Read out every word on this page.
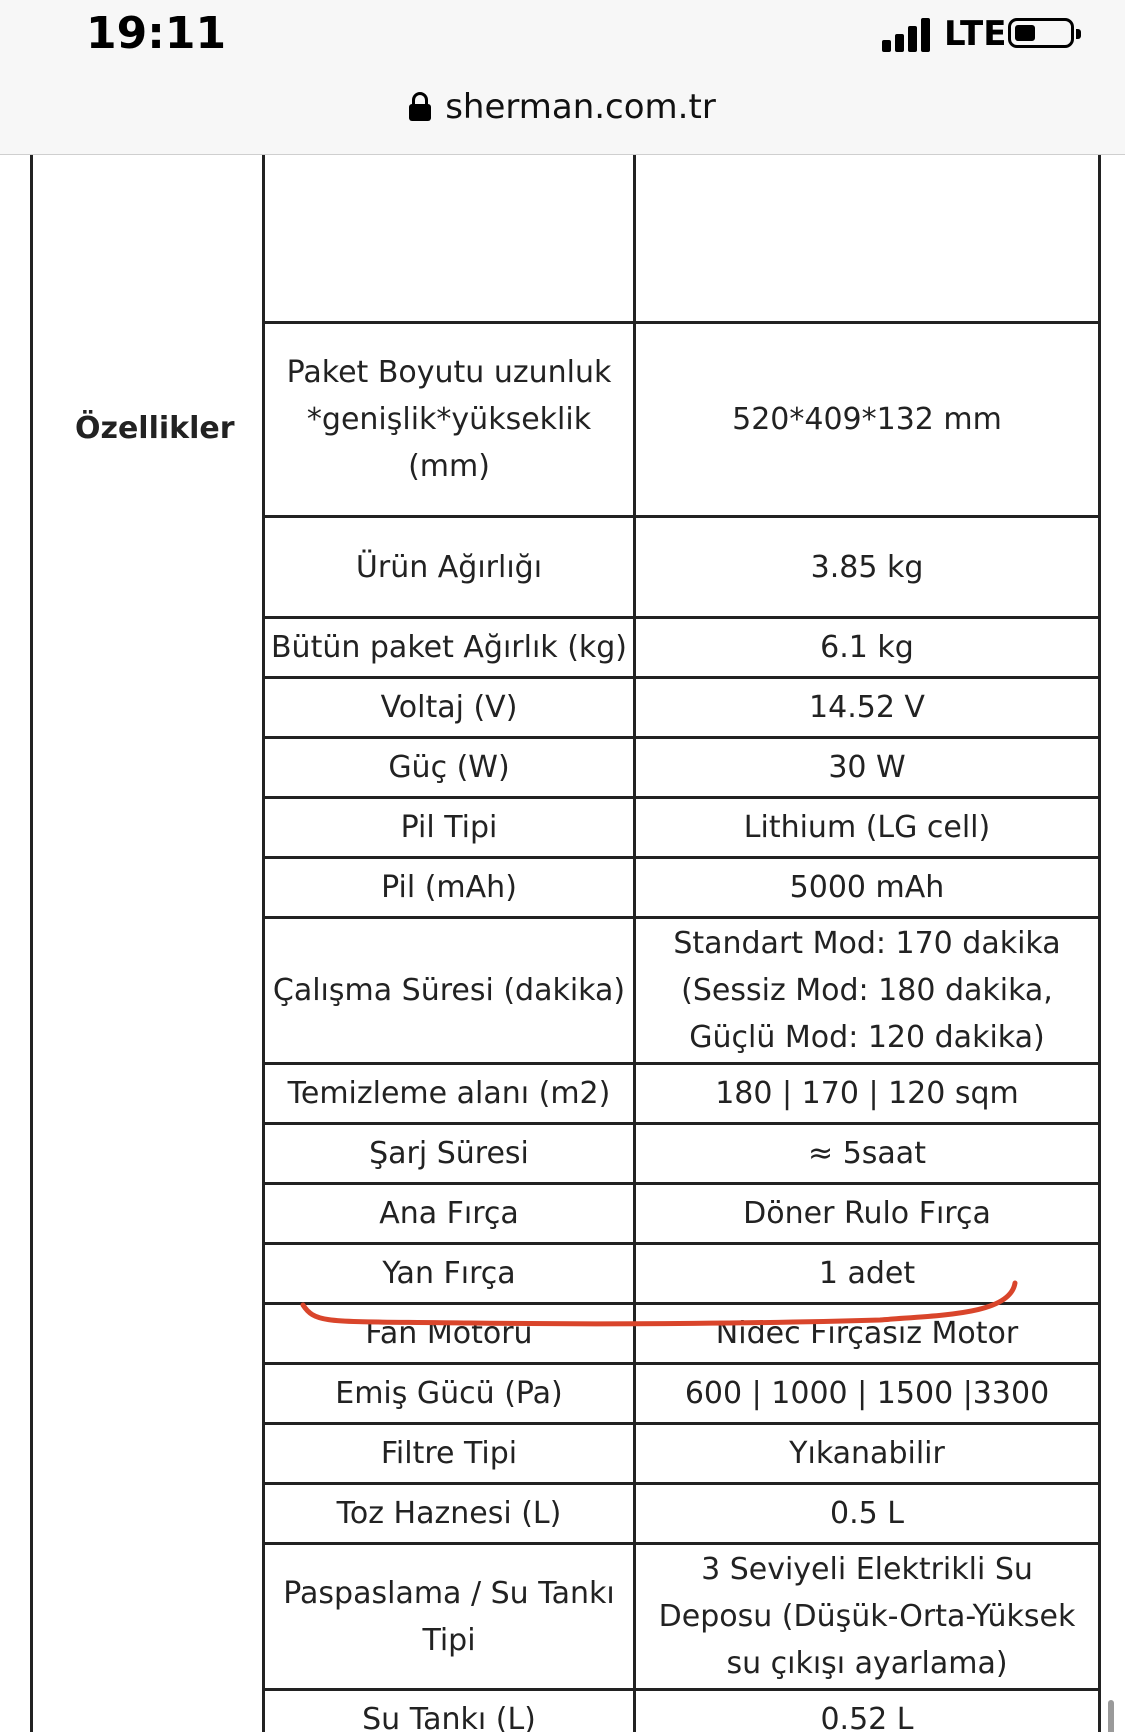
19:11	LTE
sherman.com.tr
Özellikler

Paket Boyutu uzunluk *genişlik*yükseklik (mm)	520*409*132 mm
Ürün Ağırlığı	3.85 kg
Bütün paket Ağırlık (kg)	6.1 kg
Voltaj (V)	14.52 V
Güç (W)	30 W
Pil Tipi	Lithium (LG cell)
Pil (mAh)	5000 mAh
Çalışma Süresi (dakika)	Standart Mod: 170 dakika (Sessiz Mod: 180 dakika, Güçlü Mod: 120 dakika)
Temizleme alanı (m2)	180 | 170 | 120 sqm
Şarj Süresi	≈ 5saat
Ana Fırça	Döner Rulo Fırça
Yan Fırça	1 adet
Fan Motoru	Nidec Fırçasız Motor
Emiş Gücü (Pa)	600 | 1000 | 1500 |3300
Filtre Tipi	Yıkanabilir
Toz Haznesi (L)	0.5 L
Paspaslama / Su Tankı Tipi	3 Seviyeli Elektrikli Su Deposu (Düşük-Orta-Yüksek su çıkışı ayarlama)
Su Tankı (L)	0.52 L
